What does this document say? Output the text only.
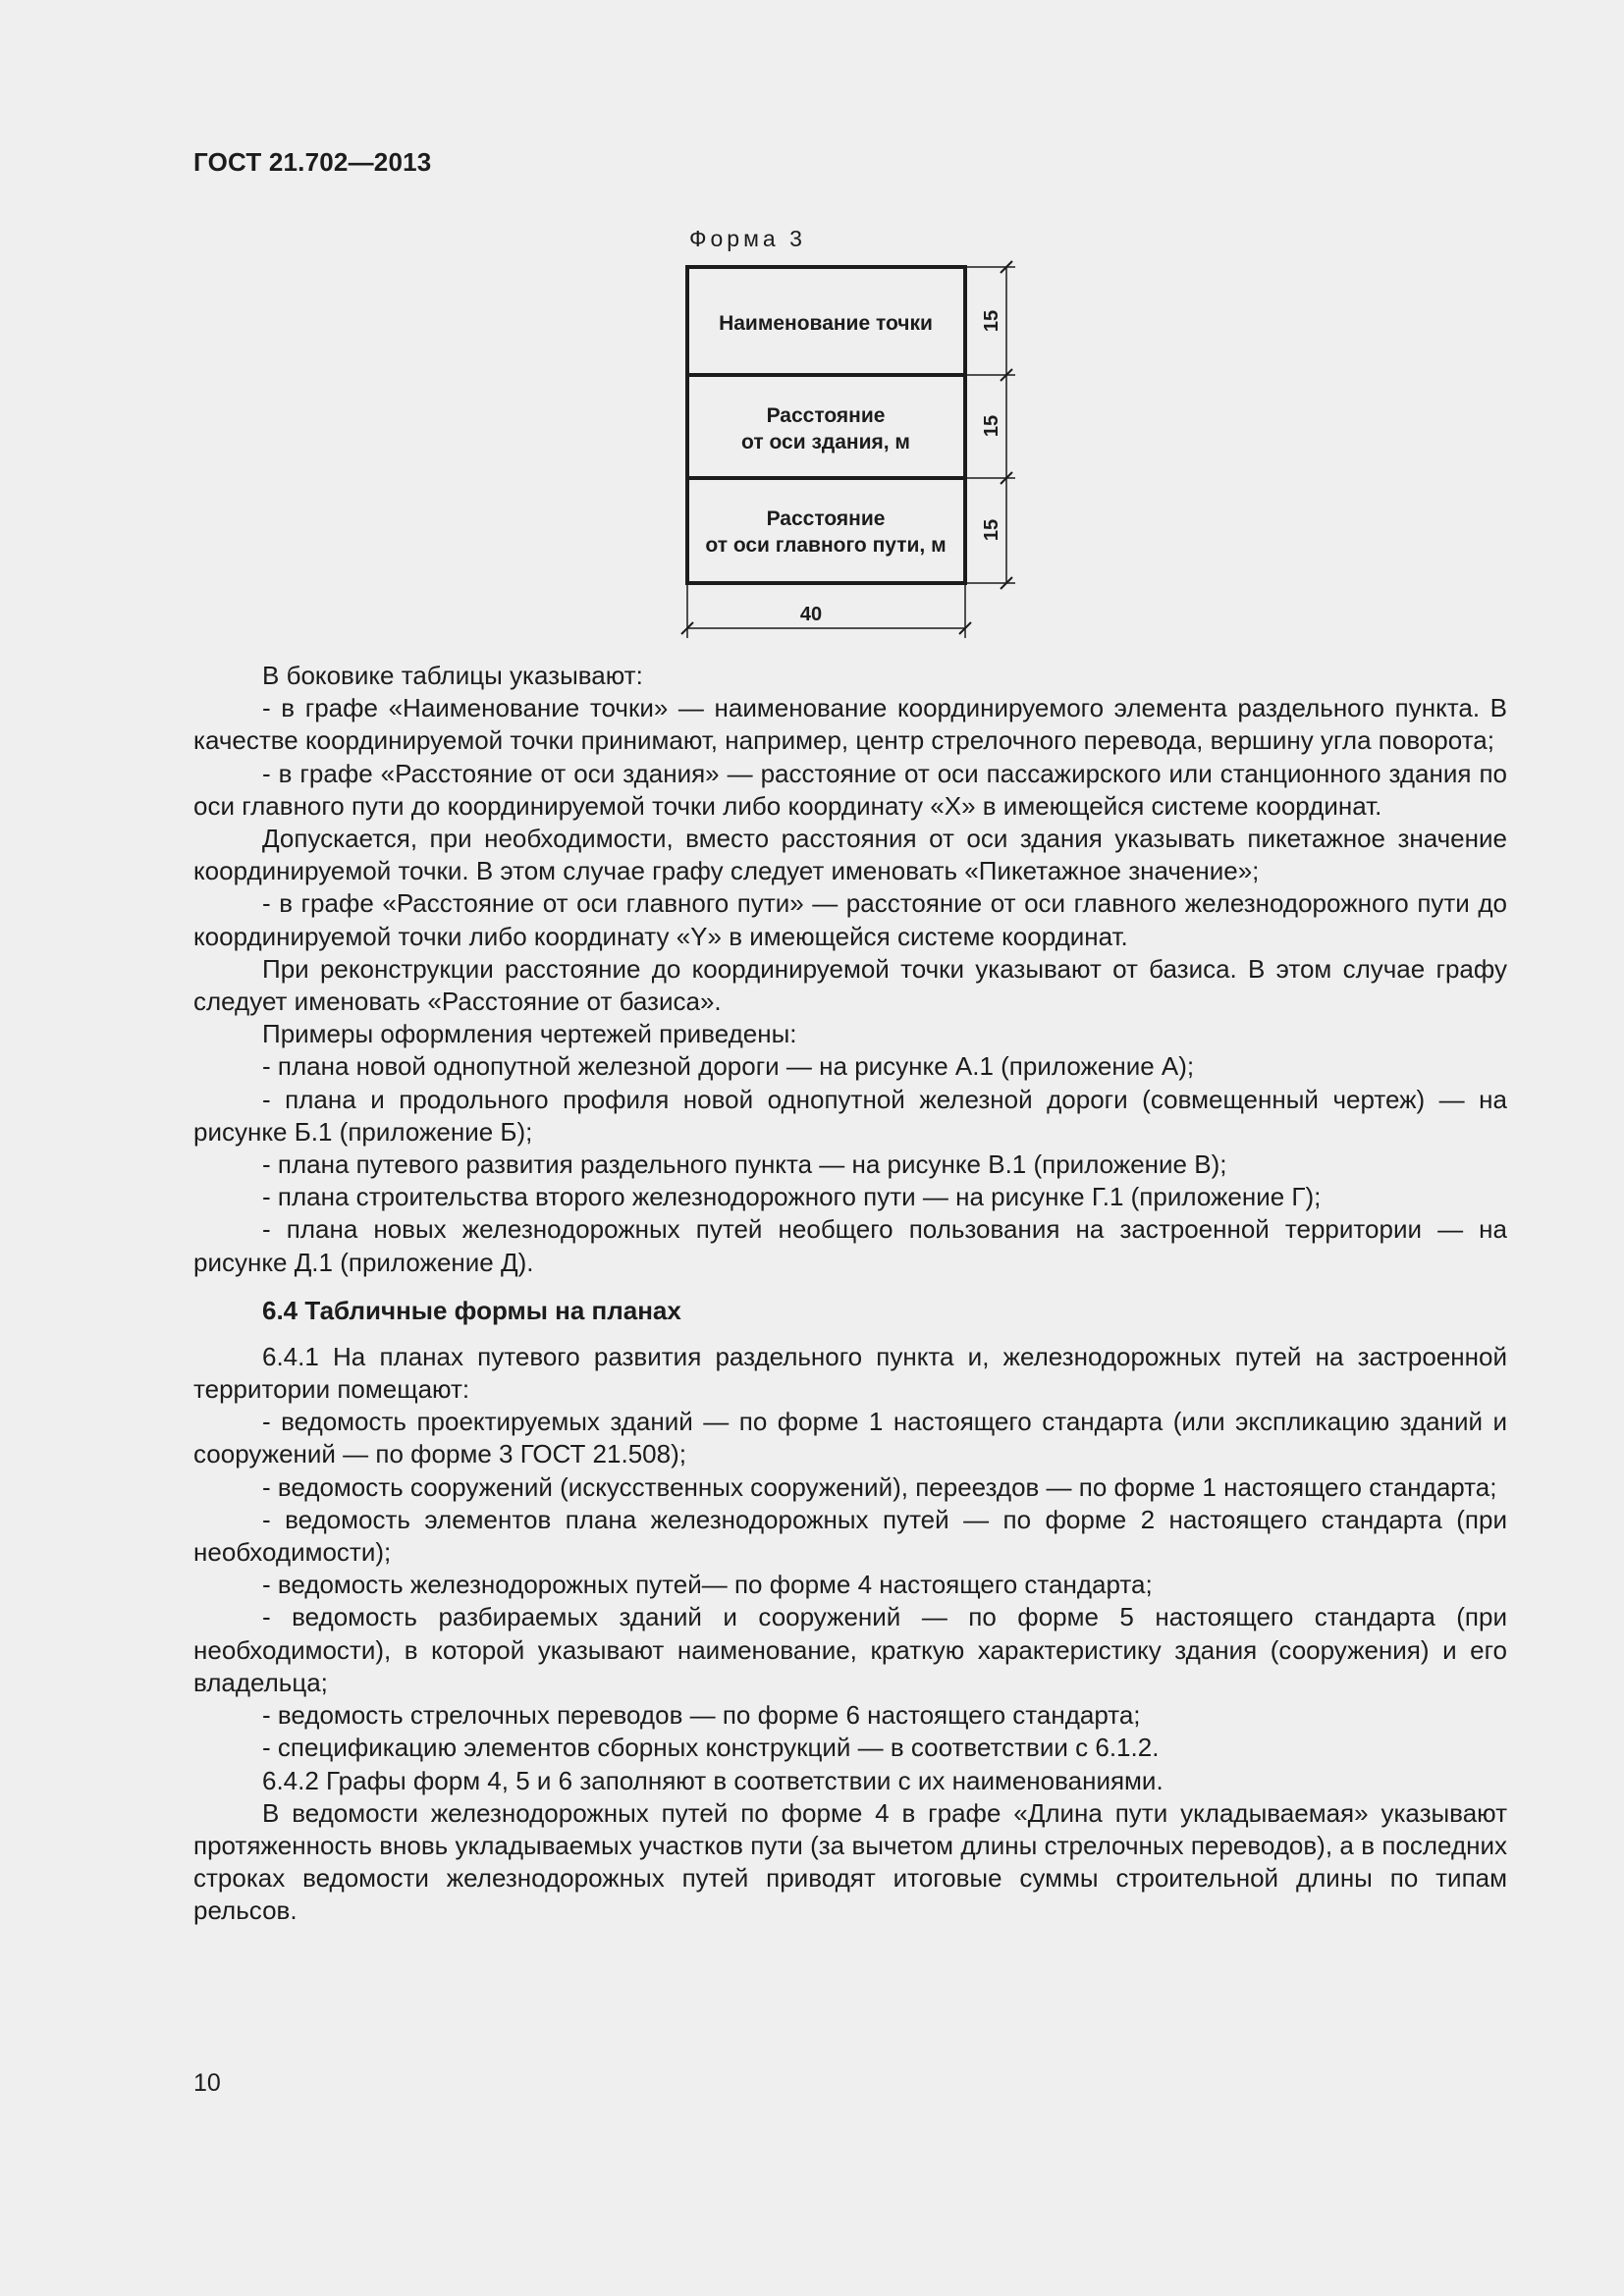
ГОСТ 21.702—2013
Форма 3
Наименование точки
Расстояние
от оси здания, м
Расстояние
от оси главного пути, м
15
15
15
40

В боковике таблицы указывают:

- в графе «Наименование точки» — наименование координируемого элемента раздельного пункта. В качестве координируемой точки принимают, например, центр стрелочного перевода, вершину угла поворота;

- в графе «Расстояние от оси здания» — расстояние от оси пассажирского или станционного здания по оси главного пути до координируемой точки либо координату «X» в имеющейся системе координат.

Допускается, при необходимости, вместо расстояния от оси здания указывать пикетажное значение координируемой точки. В этом случае графу следует именовать «Пикетажное значение»;

- в графе «Расстояние от оси главного пути» — расстояние от оси главного железнодорожного пути до координируемой точки либо координату «Y» в имеющейся системе координат.

При реконструкции расстояние до координируемой точки указывают от базиса. В этом случае графу следует именовать «Расстояние от базиса».

Примеры оформления чертежей приведены:

- плана новой однопутной железной дороги — на рисунке А.1 (приложение А);

- плана и продольного профиля новой однопутной железной дороги (совмещенный чертеж) — на рисунке Б.1 (приложение Б);

- плана путевого развития раздельного пункта — на рисунке В.1 (приложение В);

- плана строительства второго железнодорожного пути — на рисунке Г.1 (приложение Г);

- плана новых железнодорожных путей необщего пользования на застроенной территории — на рисунке Д.1 (приложение Д).

6.4 Табличные формы на планах

6.4.1 На планах путевого развития раздельного пункта и, железнодорожных путей на застроенной территории помещают:

- ведомость проектируемых зданий — по форме 1 настоящего стандарта (или экспликацию зданий и сооружений — по форме 3 ГОСТ 21.508);

- ведомость сооружений (искусственных сооружений), переездов — по форме 1 настоящего стандарта;

- ведомость элементов плана железнодорожных путей — по форме 2 настоящего стандарта (при необходимости);

- ведомость железнодорожных путей— по форме 4 настоящего стандарта;

- ведомость разбираемых зданий и сооружений — по форме 5 настоящего стандарта (при необходимости), в которой указывают наименование, краткую характеристику здания (сооружения) и его владельца;

- ведомость стрелочных переводов — по форме 6 настоящего стандарта;

- спецификацию элементов сборных конструкций — в соответствии с 6.1.2.

6.4.2 Графы форм 4, 5 и 6 заполняют в соответствии с их наименованиями.

В ведомости железнодорожных путей по форме 4 в графе «Длина пути укладываемая» указывают протяженность вновь укладываемых участков пути (за вычетом длины стрелочных переводов), а в последних строках ведомости железнодорожных путей приводят итоговые суммы строительной длины по типам рельсов.

10
